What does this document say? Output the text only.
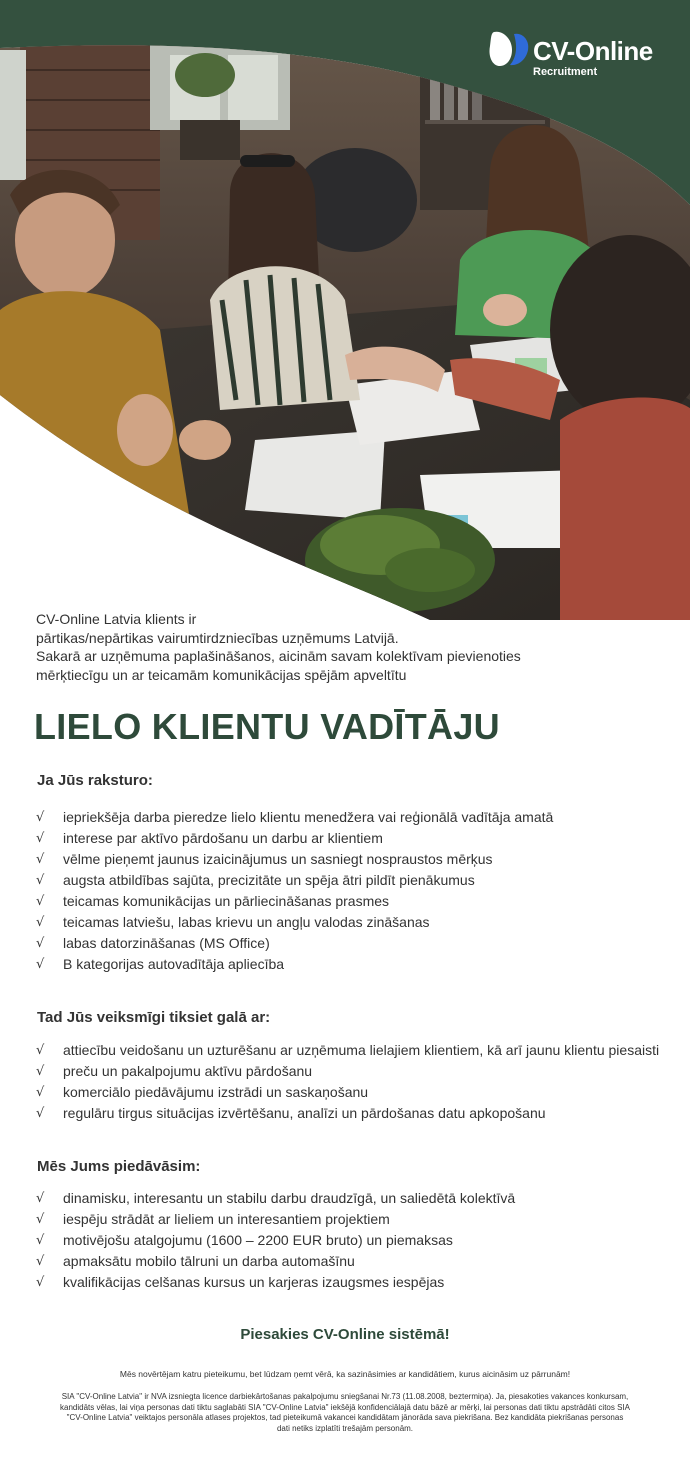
CV-Online
Recruitment

CV-Online Latvia klients ir

pārtikas/nepārtikas vairumtirdzniecības uzņēmums Latvijā.

Sakarā ar uzņēmuma paplašināšanos, aicinām savam kolektīvam pievienoties

mērķtiecīgu un ar teicamām komunikācijas spējām apveltītu

LIELO KLIENTU VADĪTĀJU
Ja Jūs raksturo:
√	iepriekšēja darba pieredze lielo klientu menedžera vai reģionālā vadītāja amatā
√	interese par aktīvo pārdošanu un darbu ar klientiem
√	vēlme pieņemt jaunus izaicinājumus un sasniegt nospraustos mērķus
√	augsta atbildības sajūta, precizitāte un spēja ātri pildīt pienākumus
√	teicamas komunikācijas un pārliecināšanas prasmes
√	teicamas latviešu, labas krievu un angļu valodas zināšanas
√	labas datorzināšanas (MS Office)
√	B kategorijas autovadītāja apliecība
Tad Jūs veiksmīgi tiksiet galā ar:
√	attiecību veidošanu un uzturēšanu ar uzņēmuma lielajiem klientiem, kā arī jaunu klientu piesaisti
√	preču un pakalpojumu aktīvu pārdošanu
√	komerciālo piedāvājumu izstrādi un saskaņošanu
√	regulāru tirgus situācijas izvērtēšanu, analīzi un pārdošanas datu apkopošanu
Mēs Jums piedāvāsim:
√	dinamisku, interesantu un stabilu darbu draudzīgā, un saliedētā kolektīvā
√	iespēju strādāt ar lieliem un interesantiem projektiem
√	motivējošu atalgojumu (1600 – 2200 EUR bruto) un piemaksas
√	apmaksātu mobilo tālruni un darba automašīnu
√	kvalifikācijas celšanas kursus un karjeras izaugsmes iespējas
Piesakies CV-Online sistēmā!
Mēs novērtējam katru pieteikumu, bet lūdzam ņemt vērā, ka sazināsimies ar kandidātiem, kurus aicināsim uz pārrunām!
SIA "CV-Online Latvia" ir NVA izsniegta licence darbiekārtošanas pakalpojumu sniegšanai Nr.73 (11.08.2008, beztermiņa). Ja, piesakoties vakances konkursam, kandidāts vēlas, lai viņa personas dati tiktu saglabāti SIA "CV-Online Latvia" iekšējā konfidenciālajā datu bāzē ar mērķi, lai personas dati tiktu apstrādāti citos SIA "CV-Online Latvia" veiktajos personāla atlases projektos, tad pieteikumā vakancei kandidātam jānorāda sava piekrišana. Bez kandidāta piekrišanas personas dati netiks izplatīti trešajām personām.
